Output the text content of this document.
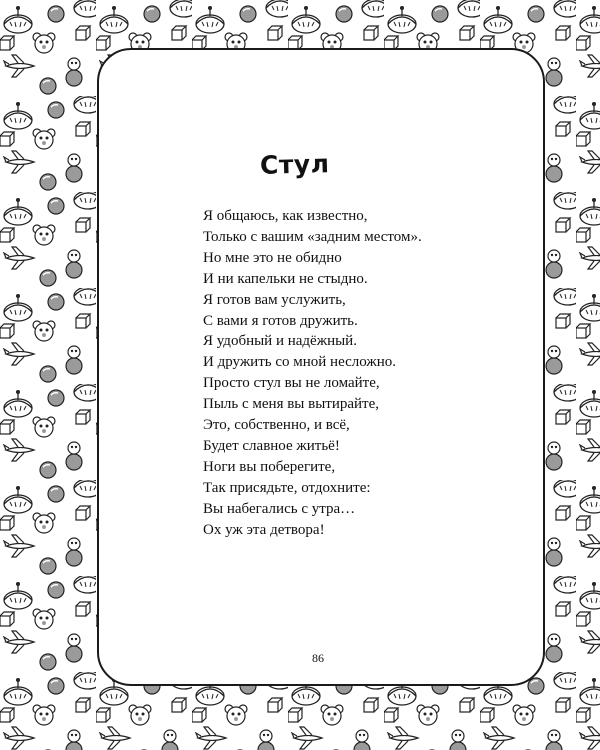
Стул
Я общаюсь, как известно,
Только с вашим «задним местом».
Но мне это не обидно
И ни капельки не стыдно.
Я готов вам услужить,
С вами я готов дружить.
Я удобный и надёжный.
И дружить со мной несложно.
Просто стул вы не ломайте,
Пыль с меня вы вытирайте,
Это, собственно, и всё,
Будет славное житьё!
Ноги вы поберегите,
Так присядьте, отдохните:
Вы набегались с утра…
Ох уж эта детвора!
86
